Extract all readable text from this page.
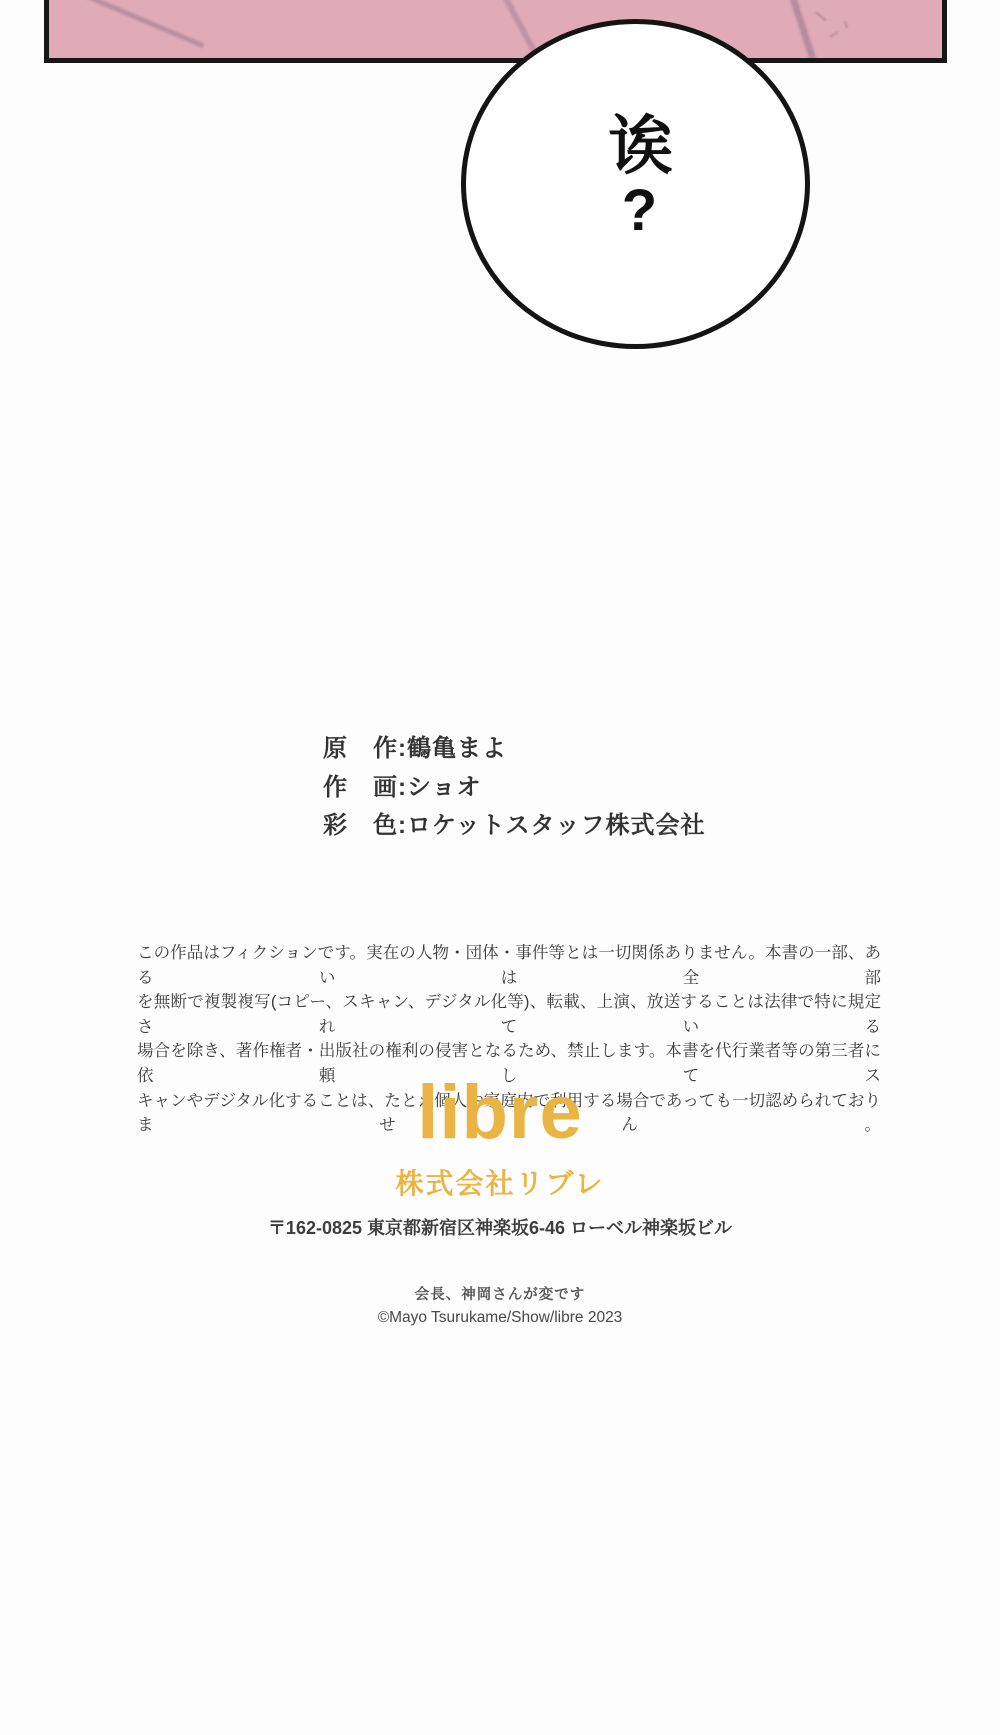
诶
?
原　作:鶴亀まよ
作　画:ショオ
彩　色:ロケットスタッフ株式会社
この作品はフィクションです。実在の人物・団体・事件等とは一切関係ありません。本書の一部、あるいは全部
を無断で複製複写(コピー、スキャン、デジタル化等)、転載、上演、放送することは法律で特に規定されている
場合を除き、著作権者・出版社の権利の侵害となるため、禁止します。本書を代行業者等の第三者に依頼してス
キャンやデジタル化することは、たとえ個人や家庭内で利用する場合であっても一切認められておりません。
libre
株式会社リブレ
〒162-0825 東京都新宿区神楽坂6-46 ローベル神楽坂ビル
会長、神岡さんが変です
©Mayo Tsurukame/Show/libre 2023
